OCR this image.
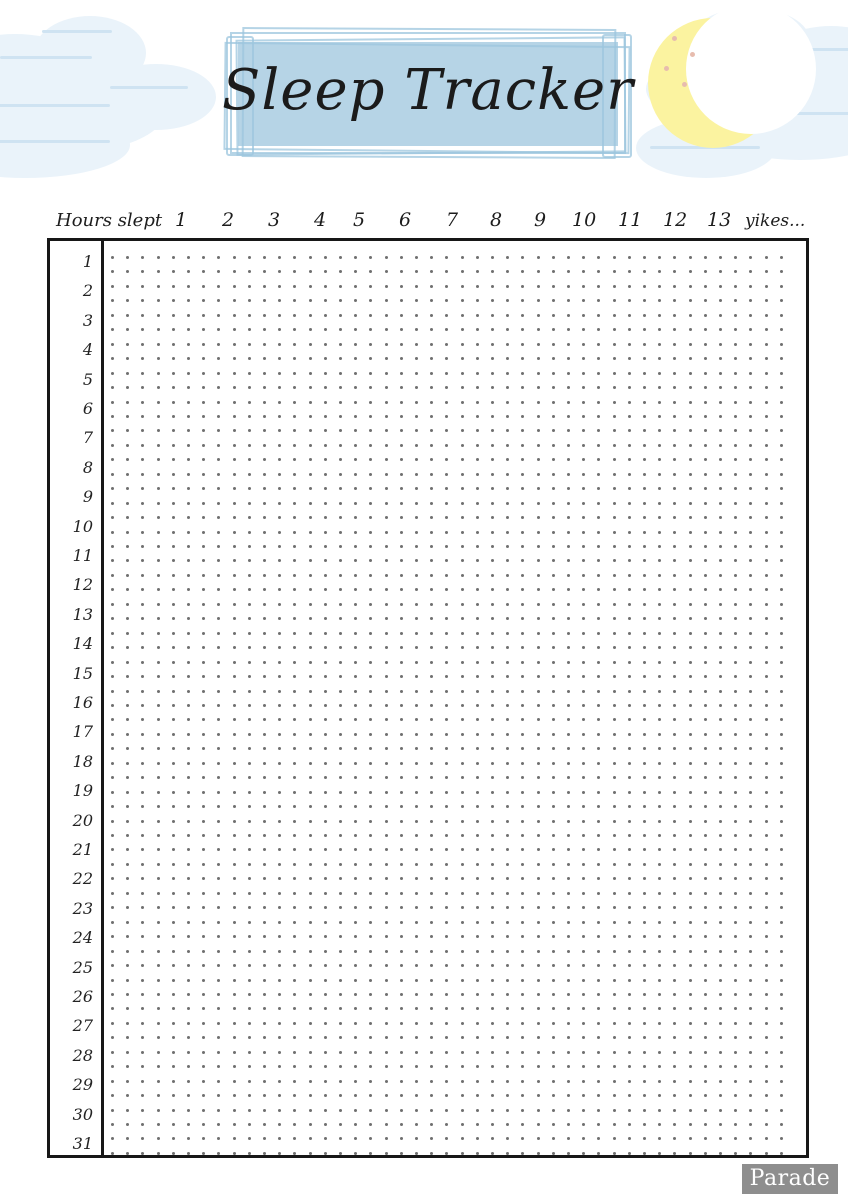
Sleep Tracker
Hours slept 1 2 3 4 5 6 7 8 9 10 11 12 13 yikes...
1
2
3
4
5
6
7
8
9
10
11
12
13
14
15
16
17
18
19
20
21
22
23
24
25
26
27
28
29
30
31
Parade
